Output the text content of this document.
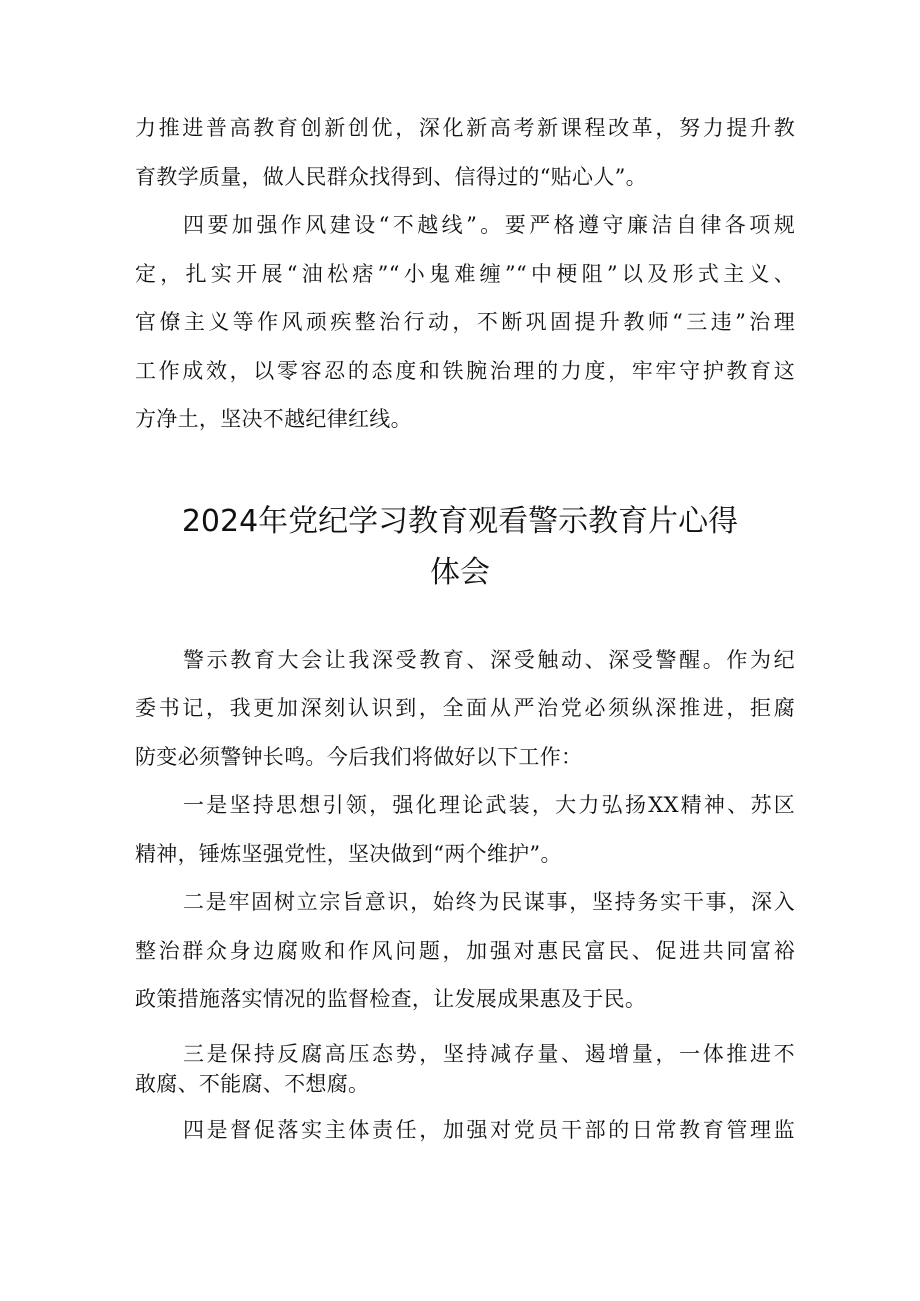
力推进普高教育创新创优，深化新高考新课程改革，努力提升教
育教学质量，做人民群众找得到、信得过的“贴心人”。
四要加强作风建设“不越线”。要严格遵守廉洁自律各项规
定，扎实开展“油松痞”“小鬼难缠”“中梗阻”以及形式主义、
官僚主义等作风顽疾整治行动，不断巩固提升教师“三违”治理
工作成效，以零容忍的态度和铁腕治理的力度，牢牢守护教育这
方净土，坚决不越纪律红线。
2024年党纪学习教育观看警示教育片心得
体会
警示教育大会让我深受教育、深受触动、深受警醒。作为纪
委书记，我更加深刻认识到，全面从严治党必须纵深推进，拒腐
防变必须警钟长鸣。今后我们将做好以下工作：
一是坚持思想引领，强化理论武装，大力弘扬XX精神、苏区
精神，锤炼坚强党性，坚决做到“两个维护”。
二是牢固树立宗旨意识，始终为民谋事，坚持务实干事，深入
整治群众身边腐败和作风问题，加强对惠民富民、促进共同富裕
政策措施落实情况的监督检查，让发展成果惠及于民。
三是保持反腐高压态势，坚持减存量、遏增量，一体推进不
敢腐、不能腐、不想腐。
四是督促落实主体责任，加强对党员干部的日常教育管理监
